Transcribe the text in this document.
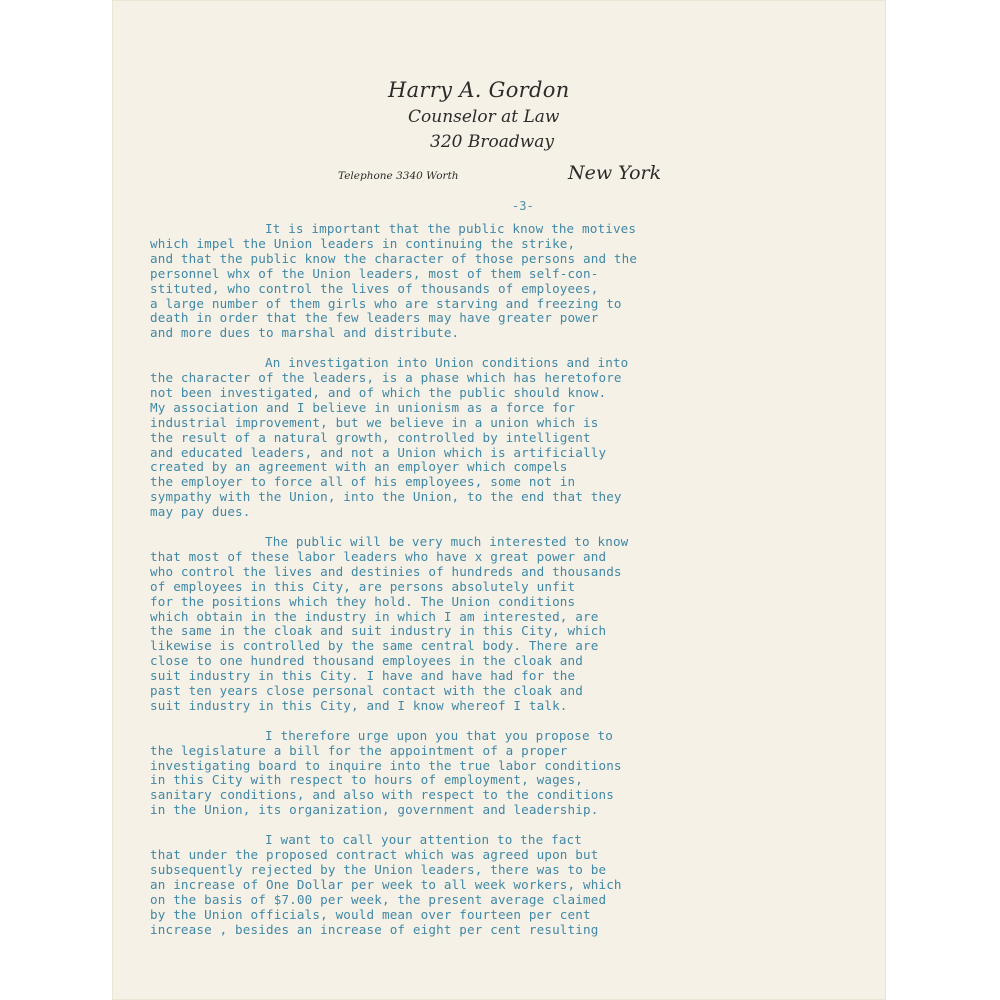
Harry A. Gordon
Counselor at Law
320 Broadway
Telephone 3340 Worth	New York
-3-

It is important that the public know the motives
which impel the Union leaders in continuing the strike,
and that the public know the character of those persons and the
personnel whx of the Union leaders, most of them self-con-
stituted, who control the lives of thousands of employees,
a large number of them girls who are starving and freezing to
death in order that the few leaders may have greater power
and more dues to marshal and distribute.

An investigation into Union conditions and into
the character of the leaders, is a phase which has heretofore
not been investigated, and of which the public should know.
My association and I believe in unionism as a force for
industrial improvement, but we believe in a union which is
the result of a natural growth, controlled by intelligent
and educated leaders, and not a Union which is artificially
created by an agreement with an employer which compels
the employer to force all of his employees, some not in
sympathy with the Union, into the Union, to the end that they
may pay dues.

The public will be very much interested to know
that most of these labor leaders who have x great power and
who control the lives and destinies of hundreds and thousands
of employees in this City, are persons absolutely unfit
for the positions which they hold. The Union conditions
which obtain in the industry in which I am interested, are
the same in the cloak and suit industry in this City, which
likewise is controlled by the same central body. There are
close to one hundred thousand employees in the cloak and
suit industry in this City. I have and have had for the
past ten years close personal contact with the cloak and
suit industry in this City, and I know whereof I talk.

I therefore urge upon you that you propose to
the legislature a bill for the appointment of a proper
investigating board to inquire into the true labor conditions
in this City with respect to hours of employment, wages,
sanitary conditions, and also with respect to the conditions
in the Union, its organization, government and leadership.

I want to call your attention to the fact
that under the proposed contract which was agreed upon but
subsequently rejected by the Union leaders, there was to be
an increase of One Dollar per week to all week workers, which
on the basis of $7.00 per week, the present average claimed
by the Union officials, would mean over fourteen per cent
increase , besides an increase of eight per cent resulting
